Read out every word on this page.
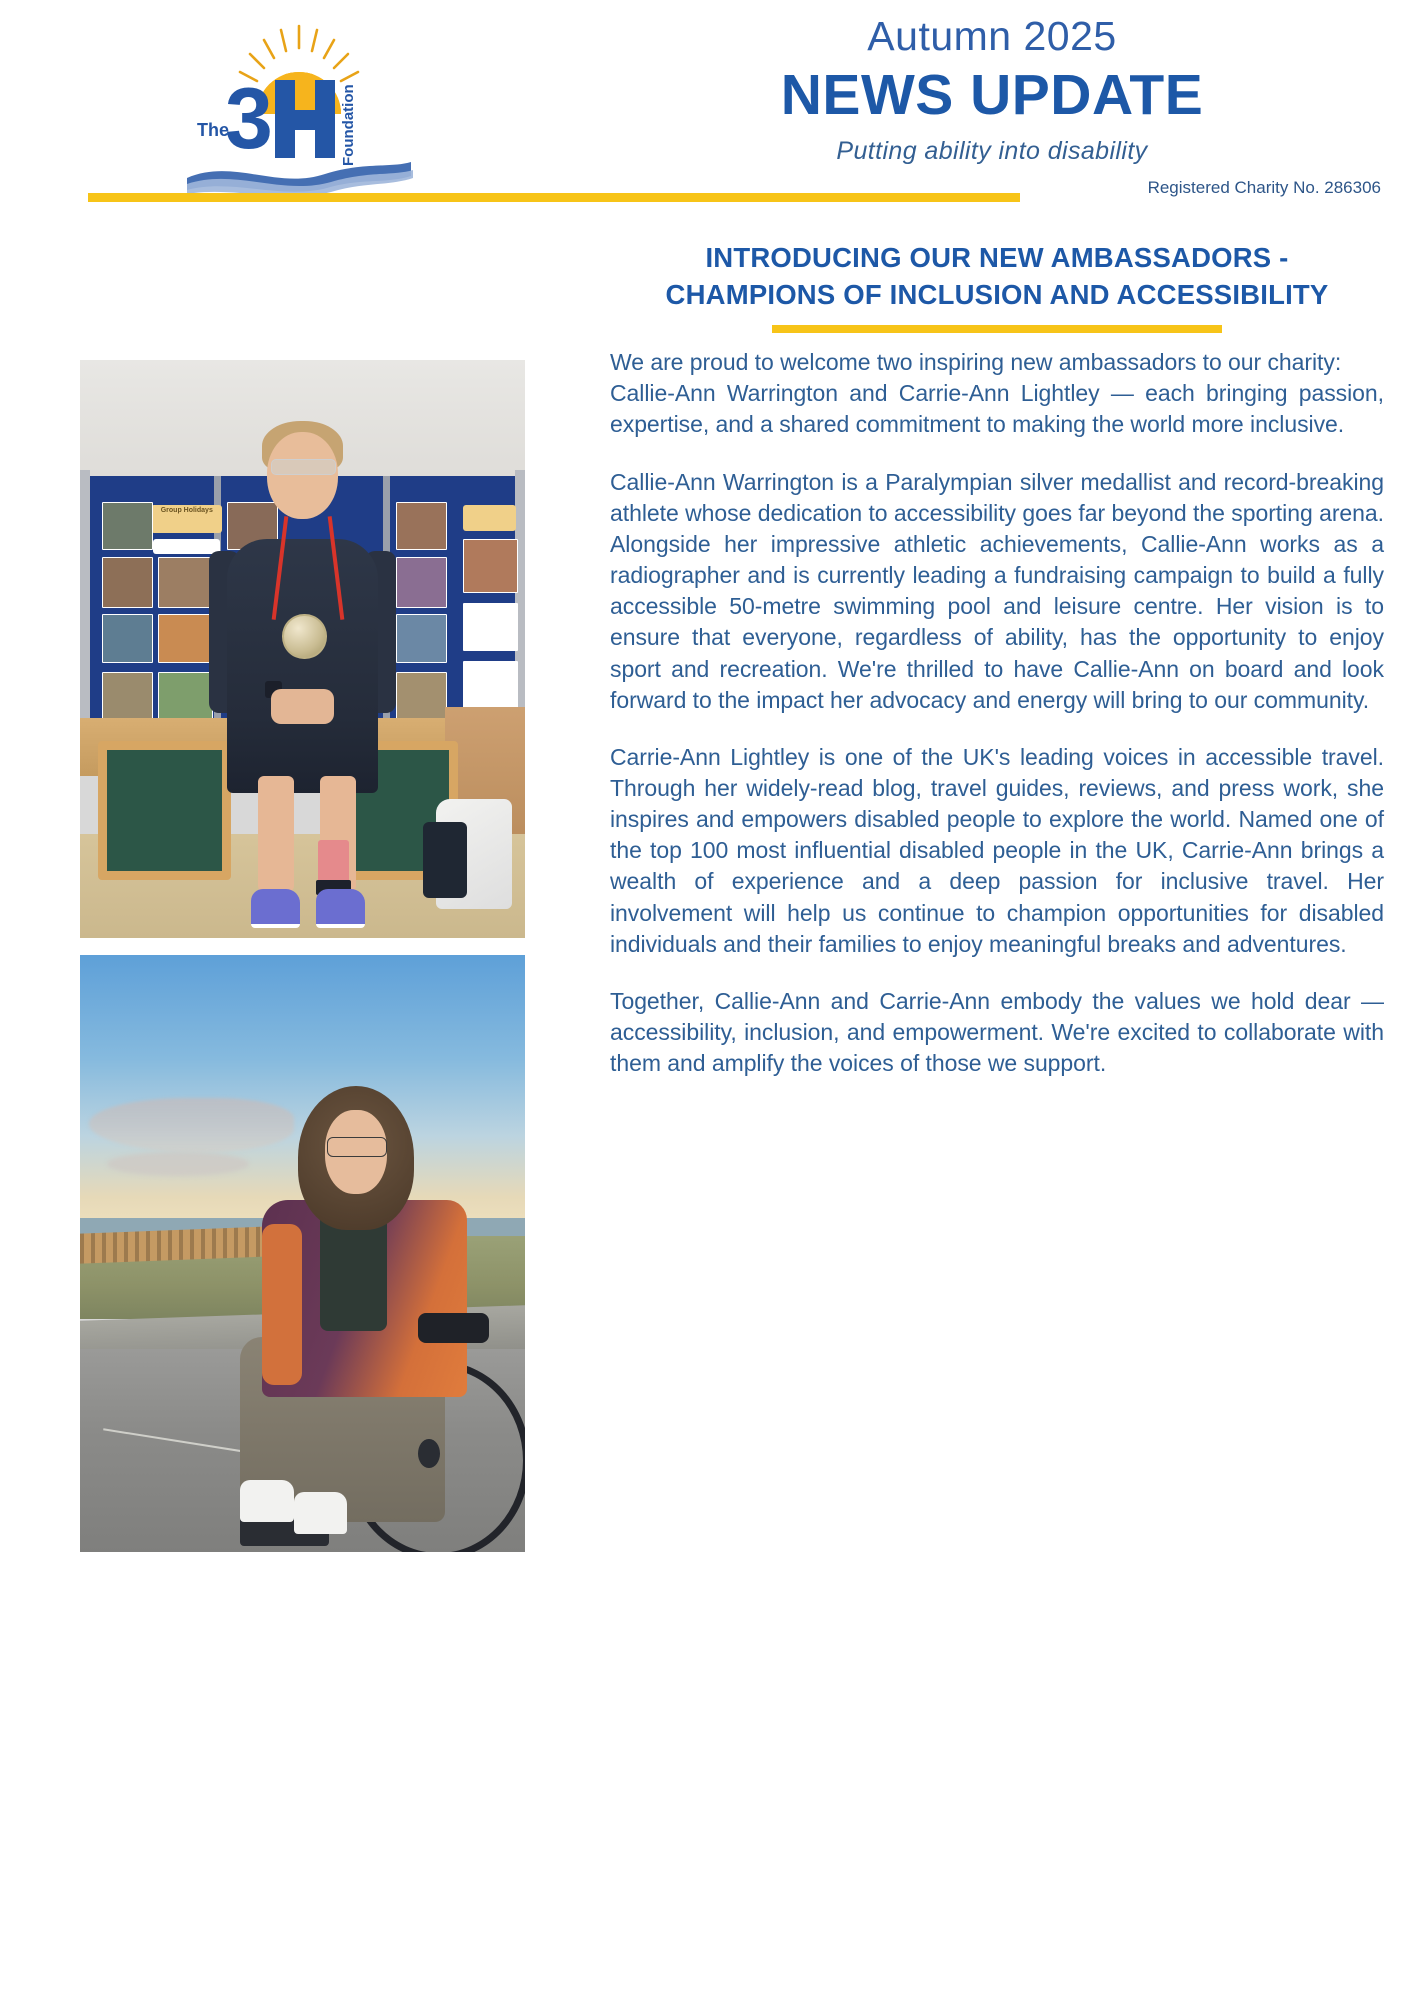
3
The	Foundation
Autumn 2025
NEWS UPDATE
Putting ability into disability
Registered Charity No. 286306
Group Holidays
INTRODUCING OUR NEW AMBASSADORS - CHAMPIONS OF INCLUSION AND ACCESSIBILITY

We are proud to welcome two inspiring new ambassadors to our charity:

Callie-Ann Warrington and Carrie-Ann Lightley — each bringing passion, expertise, and a shared commitment to making the world more inclusive.

Callie-Ann Warrington is a Paralympian silver medallist and record-breaking athlete whose dedication to accessibility goes far beyond the sporting arena. Alongside her impressive athletic achievements, Callie-Ann works as a radiographer and is currently leading a fundraising campaign to build a fully accessible 50-metre swimming pool and leisure centre. Her vision is to ensure that everyone, regardless of ability, has the opportunity to enjoy sport and recreation. We're thrilled to have Callie-Ann on board and look forward to the impact her advocacy and energy will bring to our community.

Carrie-Ann Lightley is one of the UK's leading voices in accessible travel. Through her widely-read blog, travel guides, reviews, and press work, she inspires and empowers disabled people to explore the world. Named one of the top 100 most influential disabled people in the UK, Carrie-Ann brings a wealth of experience and a deep passion for inclusive travel. Her involvement will help us continue to champion opportunities for disabled individuals and their families to enjoy meaningful breaks and adventures.

Together, Callie-Ann and Carrie-Ann embody the values we hold dear — accessibility, inclusion, and empowerment. We're excited to collaborate with them and amplify the voices of those we support.
